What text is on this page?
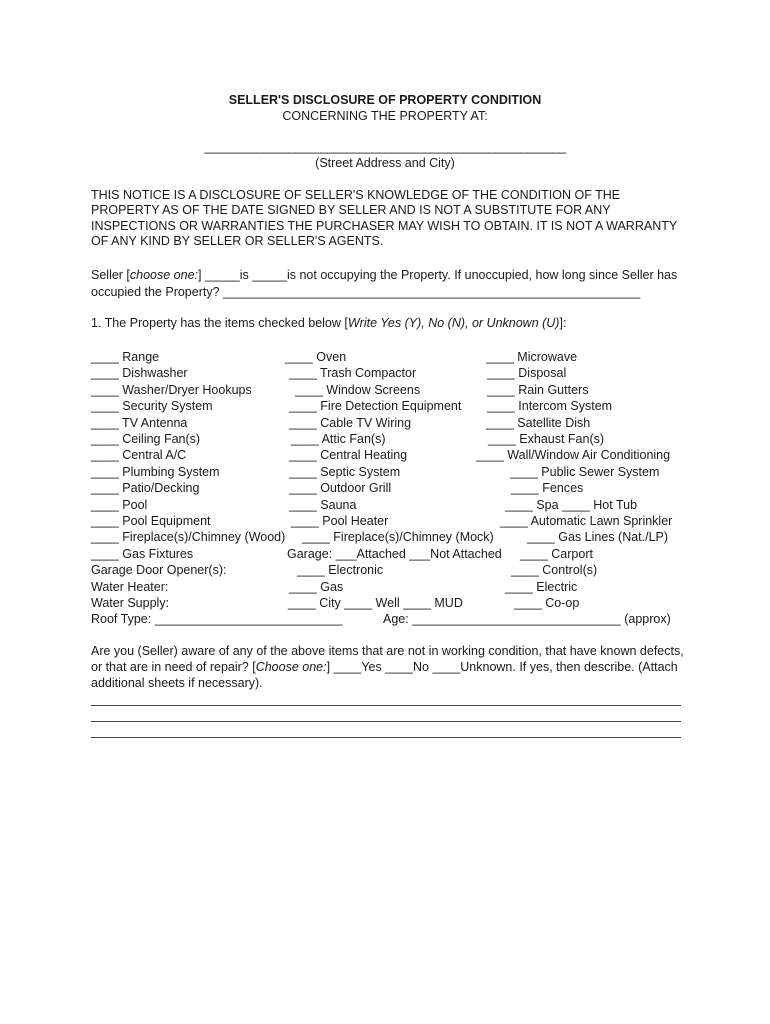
SELLER'S DISCLOSURE OF PROPERTY CONDITION
CONCERNING THE PROPERTY AT:
________________________________________________________
(Street Address and City)

THIS NOTICE IS A DISCLOSURE OF SELLER'S KNOWLEDGE OF THE CONDITION OF THE PROPERTY AS OF THE DATE SIGNED BY SELLER AND IS NOT A SUBSTITUTE FOR ANY INSPECTIONS OR WARRANTIES THE PURCHASER MAY WISH TO OBTAIN. IT IS NOT A WARRANTY OF ANY KIND BY SELLER OR SELLER'S AGENTS.

Seller [choose one:] _____is _____is not occupying the Property. If unoccupied, how long since Seller has occupied the Property? ____________________________________________________________

1. The Property has the items checked below [Write Yes (Y), No (N), or Unknown (U)]:

____ Range	____ Oven	____ Microwave
____ Dishwasher	____ Trash Compactor	____ Disposal
____ Washer/Dryer Hookups	____ Window Screens	____ Rain Gutters
____ Security System	____ Fire Detection Equipment ____ Intercom System
____ TV Antenna	____ Cable TV Wiring	____ Satellite Dish
____ Ceiling Fan(s)	____ Attic Fan(s)	____ Exhaust Fan(s)
____ Central A/C	____ Central Heating	____ Wall/Window Air Conditioning
____ Plumbing System	____ Septic System	____ Public Sewer System
____ Patio/Decking	____ Outdoor Grill	____ Fences
____ Pool	____ Sauna	____ Spa ____ Hot Tub
____ Pool Equipment	____ Pool Heater	____ Automatic Lawn Sprinkler
____ Fireplace(s)/Chimney (Wood) ____ Fireplace(s)/Chimney (Mock)	____ Gas Lines (Nat./LP)
____ Gas Fixtures	Garage: ___Attached ___Not Attached ____ Carport
Garage Door Opener(s):	____ Electronic	____ Control(s)
Water Heater:	____ Gas	____ Electric
Water Supply:	____ City ____ Well ____ MUD	____ Co-op
Roof Type: ___________________________	Age: ______________________________ (approx)

Are you (Seller) aware of any of the above items that are not in working condition, that have known defects, or that are in need of repair? [Choose one:] ____Yes ____No ____Unknown. If yes, then describe. (Attach additional sheets if necessary).
